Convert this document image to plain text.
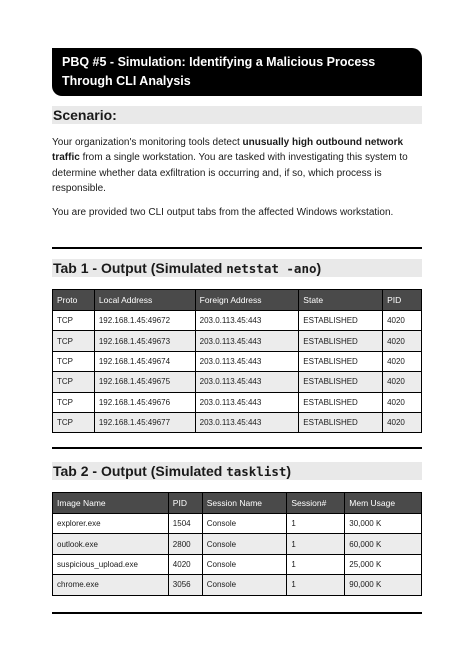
PBQ #5 - Simulation: Identifying a Malicious Process
Through CLI Analysis
Scenario:
Your organization's monitoring tools detect unusually high outbound network traffic from a single workstation. You are tasked with investigating this system to determine whether data exfiltration is occurring and, if so, which process is responsible.
You are provided two CLI output tabs from the affected Windows workstation.
Tab 1 - Output (Simulated netstat -ano)
Proto	Local Address	Foreign Address	State	PID
TCP	192.168.1.45:49672	203.0.113.45:443	ESTABLISHED	4020
TCP	192.168.1.45:49673	203.0.113.45:443	ESTABLISHED	4020
TCP	192.168.1.45:49674	203.0.113.45:443	ESTABLISHED	4020
TCP	192.168.1.45:49675	203.0.113.45:443	ESTABLISHED	4020
TCP	192.168.1.45:49676	203.0.113.45:443	ESTABLISHED	4020
TCP	192.168.1.45:49677	203.0.113.45:443	ESTABLISHED	4020
Tab 2 - Output (Simulated tasklist)
Image Name	PID	Session Name	Session#	Mem Usage
explorer.exe	1504	Console	1	30,000 K
outlook.exe	2800	Console	1	60,000 K
suspicious_upload.exe	4020	Console	1	25,000 K
chrome.exe	3056	Console	1	90,000 K
